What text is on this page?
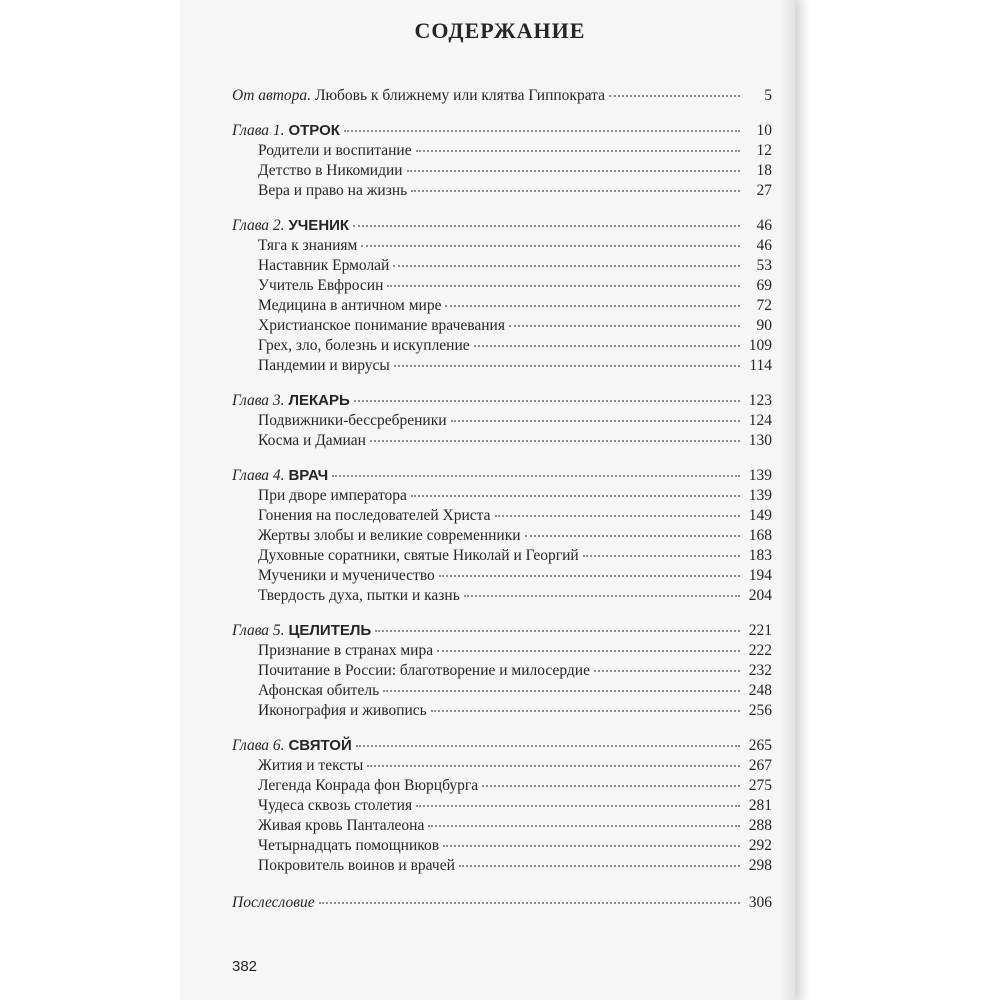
СОДЕРЖАНИЕ
От автора. Любовь к ближнему или клятва Гиппократа	5
Глава 1. ОТРОК	10
Родители и воспитание	12
Детство в Никомидии	18
Вера и право на жизнь	27
Глава 2. УЧЕНИК	46
Тяга к знаниям	46
Наставник Ермолай	53
Учитель Евфросин	69
Медицина в античном мире	72
Христианское понимание врачевания	90
Грех, зло, болезнь и искупление	109
Пандемии и вирусы	114
Глава 3. ЛЕКАРЬ	123
Подвижники-бессребреники	124
Косма и Дамиан	130
Глава 4. ВРАЧ	139
При дворе императора	139
Гонения на последователей Христа	149
Жертвы злобы и великие современники	168
Духовные соратники, святые Николай и Георгий	183
Мученики и мученичество	194
Твердость духа, пытки и казнь	204
Глава 5. ЦЕЛИТЕЛЬ	221
Признание в странах мира	222
Почитание в России: благотворение и милосердие	232
Афонская обитель	248
Иконография и живопись	256
Глава 6. СВЯТОЙ	265
Жития и тексты	267
Легенда Конрада фон Вюрцбурга	275
Чудеса сквозь столетия	281
Живая кровь Панталеона	288
Четырнадцать помощников	292
Покровитель воинов и врачей	298
Послесловие	306
382
